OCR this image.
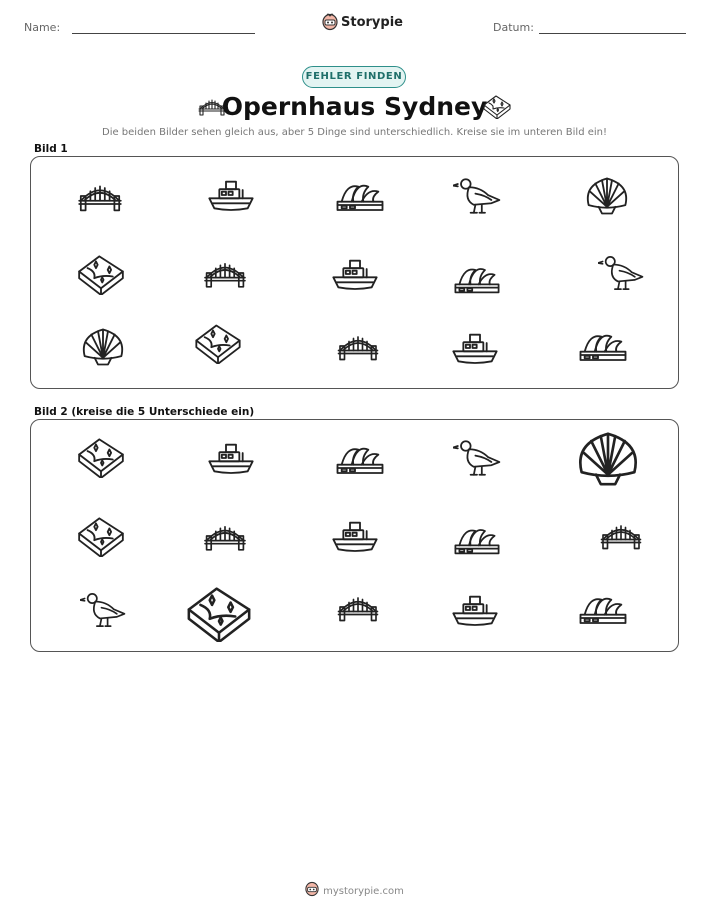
Name:	Storypie	Datum:
FEHLER FINDEN
Opernhaus Sydney
Die beiden Bilder sehen gleich aus, aber 5 Dinge sind unterschiedlich. Kreise sie im unteren Bild ein!
Bild 1
Bild 2 (kreise die 5 Unterschiede ein)
mystorypie.com
